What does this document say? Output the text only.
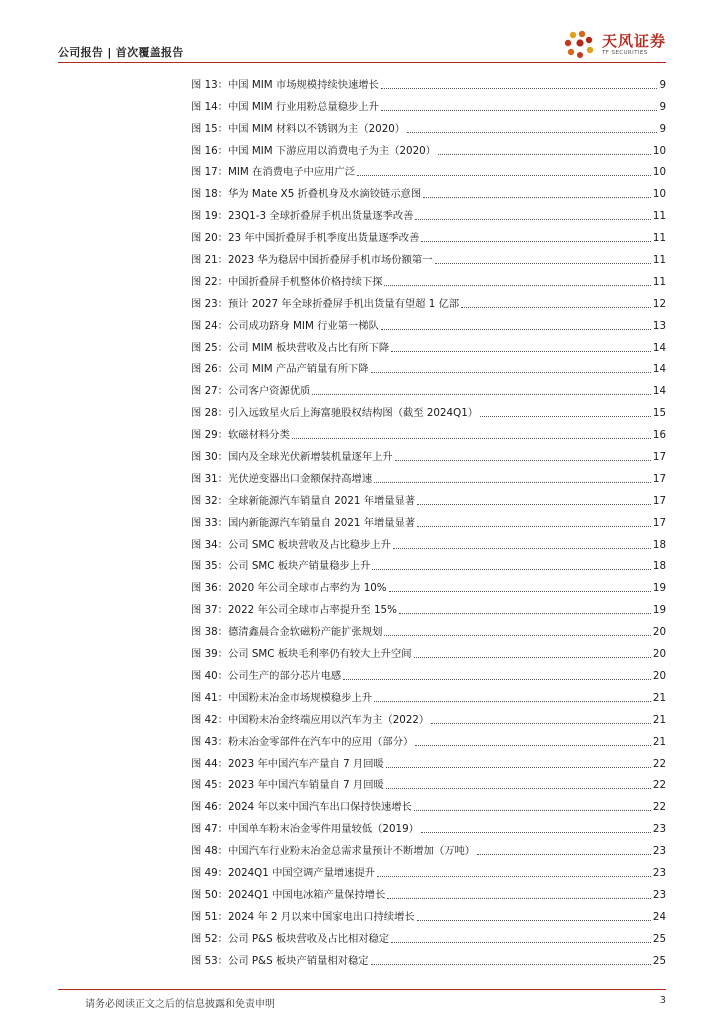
公司报告 | 首次覆盖报告
天风证券
TF SECURITIES
图 13：中国 MIM 市场规模持续快速增长	9
图 14：中国 MIM 行业用粉总量稳步上升	9
图 15：中国 MIM 材料以不锈钢为主（2020）	9
图 16：中国 MIM 下游应用以消费电子为主（2020）	10
图 17：MIM 在消费电子中应用广泛	10
图 18：华为 Mate X5 折叠机身及水滴铰链示意图	10
图 19：23Q1-3 全球折叠屏手机出货量逐季改善	11
图 20：23 年中国折叠屏手机季度出货量逐季改善	11
图 21：2023 华为稳居中国折叠屏手机市场份额第一	11
图 22：中国折叠屏手机整体价格持续下探	11
图 23：预计 2027 年全球折叠屏手机出货量有望超 1 亿部	12
图 24：公司成功跻身 MIM 行业第一梯队	13
图 25：公司 MIM 板块营收及占比有所下降	14
图 26：公司 MIM 产品产销量有所下降	14
图 27：公司客户资源优质	14
图 28：引入远致星火后上海富驰股权结构图（截至 2024Q1）	15
图 29：软磁材料分类	16
图 30：国内及全球光伏新增装机量逐年上升	17
图 31：光伏逆变器出口金额保持高增速	17
图 32：全球新能源汽车销量自 2021 年增量显著	17
图 33：国内新能源汽车销量自 2021 年增量显著	17
图 34：公司 SMC 板块营收及占比稳步上升	18
图 35：公司 SMC 板块产销量稳步上升	18
图 36：2020 年公司全球市占率约为 10%	19
图 37：2022 年公司全球市占率提升至 15%	19
图 38：德清鑫晨合金软磁粉产能扩张规划	20
图 39：公司 SMC 板块毛利率仍有较大上升空间	20
图 40：公司生产的部分芯片电感	20
图 41：中国粉末冶金市场规模稳步上升	21
图 42：中国粉末冶金终端应用以汽车为主（2022）	21
图 43：粉末冶金零部件在汽车中的应用（部分）	21
图 44：2023 年中国汽车产量自 7 月回暖	22
图 45：2023 年中国汽车销量自 7 月回暖	22
图 46：2024 年以来中国汽车出口保持快速增长	22
图 47：中国单车粉末冶金零件用量较低（2019）	23
图 48：中国汽车行业粉末冶金总需求量预计不断增加（万吨）	23
图 49：2024Q1 中国空调产量增速提升	23
图 50：2024Q1 中国电冰箱产量保持增长	23
图 51：2024 年 2 月以来中国家电出口持续增长	24
图 52：公司 P&S 板块营收及占比相对稳定	25
图 53：公司 P&S 板块产销量相对稳定	25
请务必阅读正文之后的信息披露和免责申明	3
